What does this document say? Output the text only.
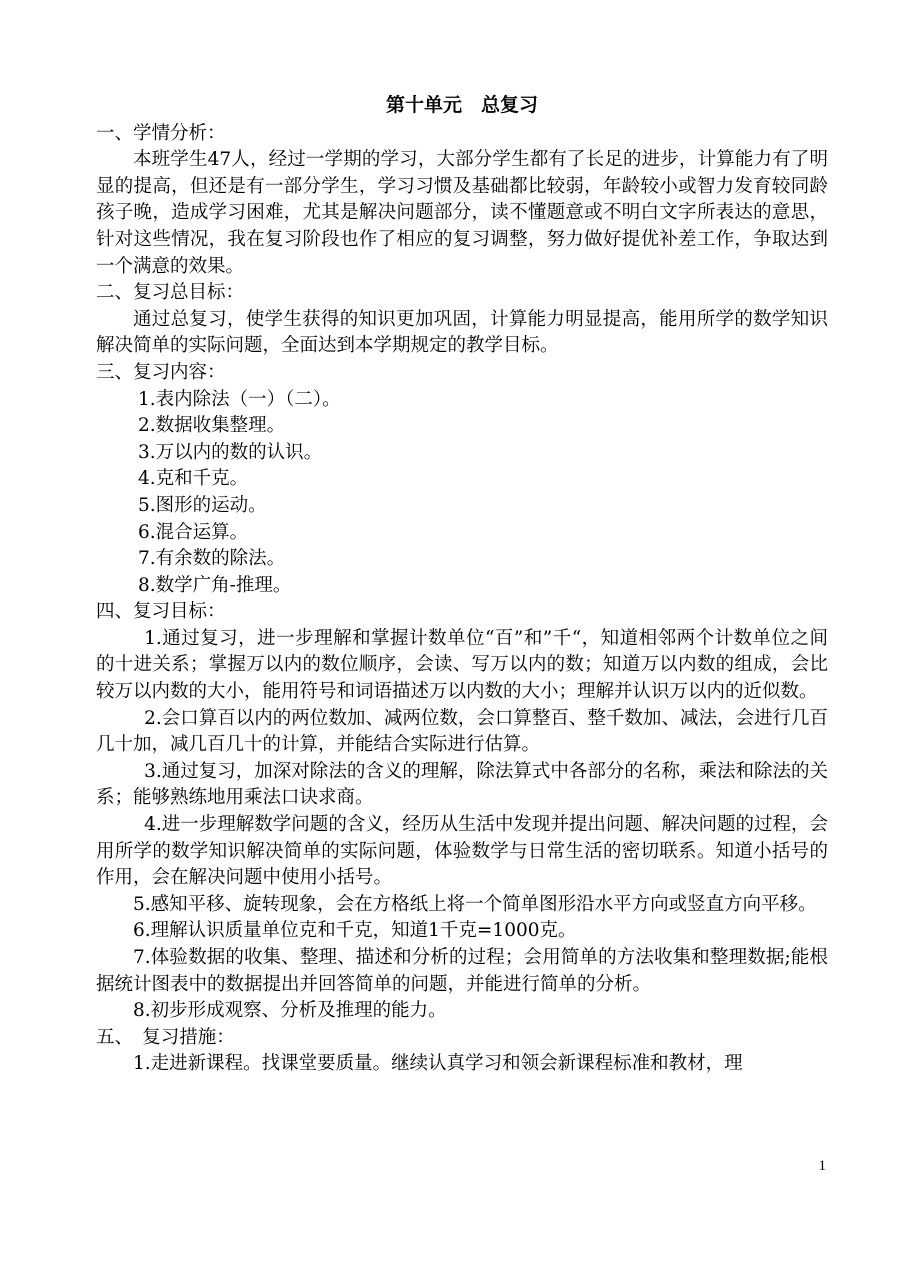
第十单元　总复习

一、学情分析：

本班学生47人，经过一学期的学习，大部分学生都有了长足的进步，计算能力有了明显的提高，但还是有一部分学生，学习习惯及基础都比较弱，年龄较小或智力发育较同龄孩子晚，造成学习困难，尤其是解决问题部分，读不懂题意或不明白文字所表达的意思，针对这些情况，我在复习阶段也作了相应的复习调整，努力做好提优补差工作，争取达到一个满意的效果。

二、复习总目标：

通过总复习，使学生获得的知识更加巩固，计算能力明显提高，能用所学的数学知识解决简单的实际问题，全面达到本学期规定的教学目标。

三、复习内容：

1.表内除法（一）（二）。

2.数据收集整理。

3.万以内的数的认识。

4.克和千克。

5.图形的运动。

6.混合运算。

7.有余数的除法。

8.数学广角-推理。

四、复习目标：

1.通过复习，进一步理解和掌握计数单位“百”和”千“，知道相邻两个计数单位之间的十进关系；掌握万以内的数位顺序，会读、写万以内的数；知道万以内数的组成，会比较万以内数的大小，能用符号和词语描述万以内数的大小；理解并认识万以内的近似数。

2.会口算百以内的两位数加、减两位数，会口算整百、整千数加、减法，会进行几百几十加，减几百几十的计算，并能结合实际进行估算。

3.通过复习，加深对除法的含义的理解，除法算式中各部分的名称，乘法和除法的关系；能够熟练地用乘法口诀求商。

4.进一步理解数学问题的含义，经历从生活中发现并提出问题、解决问题的过程，会用所学的数学知识解决简单的实际问题，体验数学与日常生活的密切联系。知道小括号的作用，会在解决问题中使用小括号。

5.感知平移、旋转现象，会在方格纸上将一个简单图形沿水平方向或竖直方向平移。

6.理解认识质量单位克和千克，知道1千克=1000克。

7.体验数据的收集、整理、描述和分析的过程；会用简单的方法收集和整理数据;能根据统计图表中的数据提出并回答简单的问题，并能进行简单的分析。

8.初步形成观察、分析及推理的能力。

五、　复习措施：

1.走进新课程。找课堂要质量。继续认真学习和领会新课程标准和教材，理

1
